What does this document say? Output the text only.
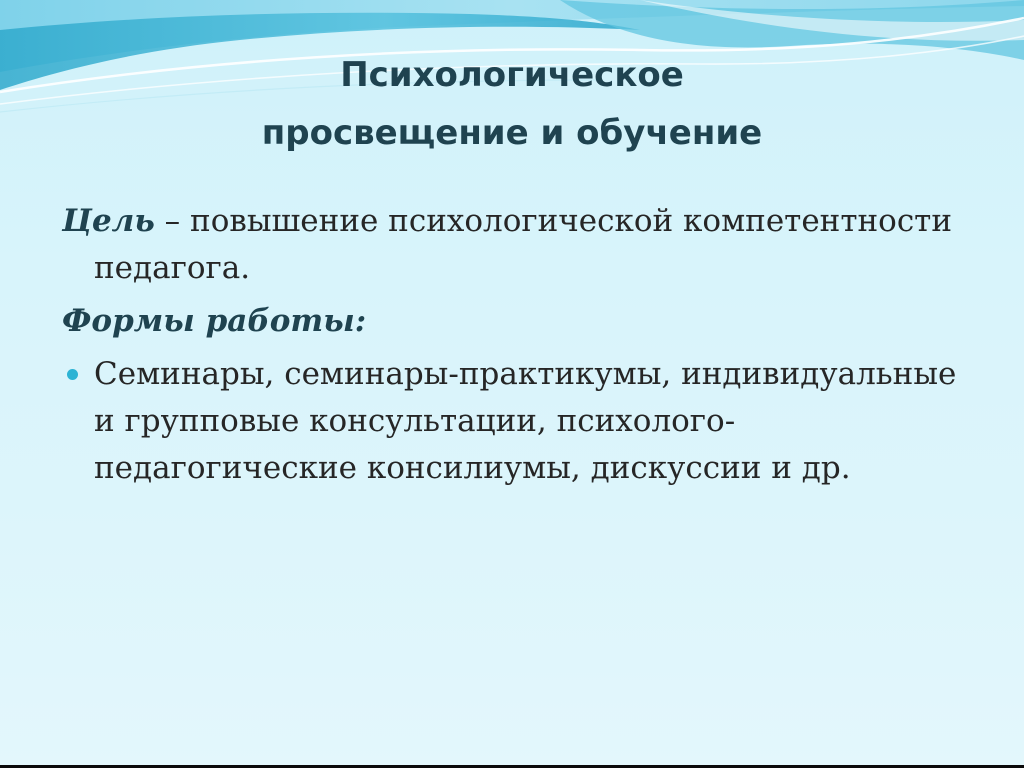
Психологическое
просвещение и обучение

Цель – повышение психологической компетентности педагога.

Формы работы:

Семинары, семинары-практикумы, индивидуальные и групповые консультации, психолого-педагогические консилиумы, дискуссии и др.
